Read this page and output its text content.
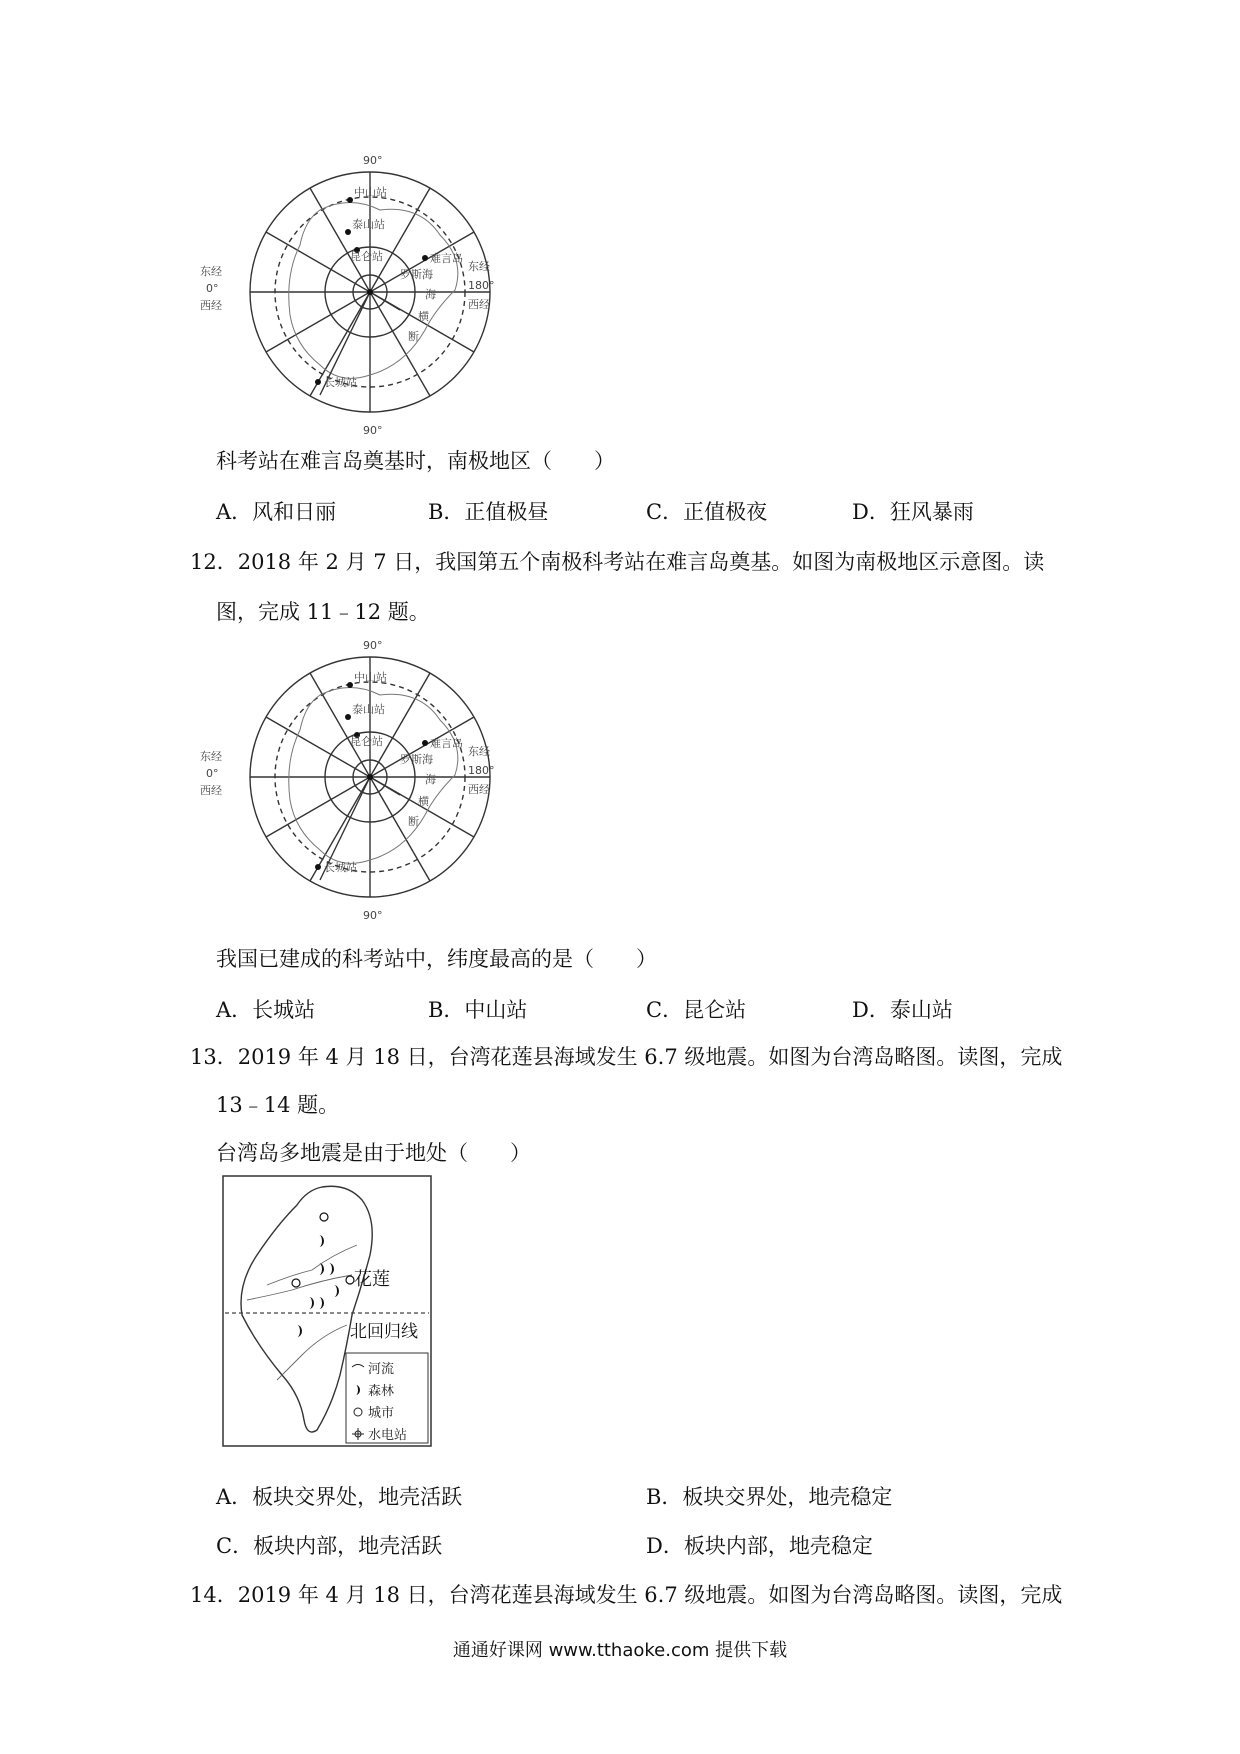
90°
90°
东经
0°
西经
东经
180°
西经
中山站
泰山站
昆仑站	难言岛
罗斯海
海
横
断
长城站
科考站在难言岛奠基时，南极地区（　　）
A．风和日丽	B．正值极昼	C．正值极夜	D．狂风暴雨
12．2018 年 2 月 7 日，我国第五个南极科考站在难言岛奠基。如图为南极地区示意图。读
图，完成 11﹣12 题。
90°
90°
东经
0°
西经
东经
180°
西经
中山站
泰山站
昆仑站	难言岛
罗斯海
海
横
断
长城站
我国已建成的科考站中，纬度最高的是（　　）
A．长城站	B．中山站	C．昆仑站	D．泰山站
13．2019 年 4 月 18 日，台湾花莲县海域发生 6.7 级地震。如图为台湾岛略图。读图，完成
13﹣14 题。
台湾岛多地震是由于地处（　　）
花莲
北回归线
河流
森林
城市
水电站
A．板块交界处，地壳活跃	B．板块交界处，地壳稳定
C．板块内部，地壳活跃	D．板块内部，地壳稳定
14．2019 年 4 月 18 日，台湾花莲县海域发生 6.7 级地震。如图为台湾岛略图。读图，完成
通通好课网 www.tthaoke.com 提供下载
